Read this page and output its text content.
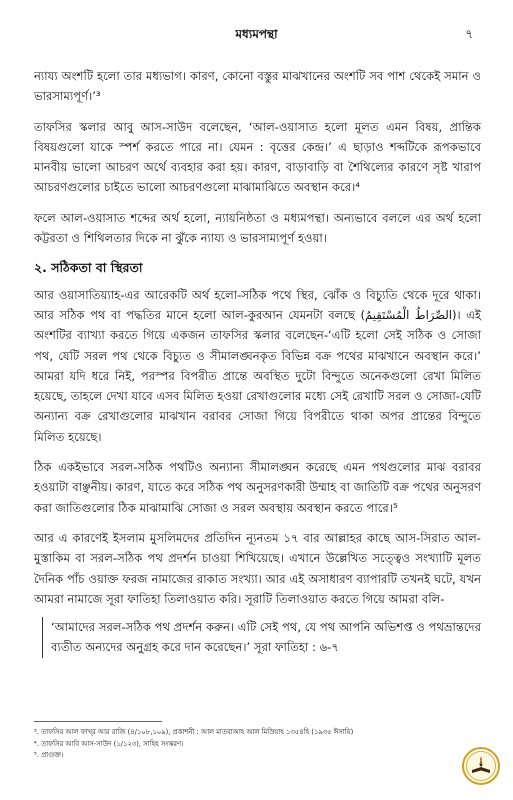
মধ্যমপন্থা	৭

ন্যায্য অংশটি হলো তার মধ্যভাগ। কারণ, কোনো বস্তুর মাঝখানের অংশটি সব পাশ থেকেই সমান ও ভারসাম্যপূর্ণ।’³

তাফসির স্কলার আবু আস-সাউদ বলেছেন, ‘আল-ওয়াসাত হলো মূলত এমন বিষয়, প্রান্তিক বিষয়গুলো যাকে স্পর্শ করতে পারে না। যেমন : বৃত্তের কেন্দ্র।’ এ ছাড়াও শব্দটিকে রূপকভাবে মানবীয় ভালো আচরণ অর্থে ব্যবহার করা হয়। কারণ, বাড়াবাড়ি বা শৈথিল্যের কারণে সৃষ্ট খারাপ আচরণগুলোর চাইতে ভালো আচরণগুলো মাঝামাঝিতে অবস্থান করে।⁴

ফলে আল-ওয়াসাত শব্দের অর্থ হলো, ন্যায়নিষ্ঠতা ও মধ্যমপন্থা। অন্যভাবে বললে এর অর্থ হলো কট্টরতা ও শিথিলতার দিকে না ঝুঁকে ন্যায্য ও ভারসাম্যপূর্ণ হওয়া।

২. সঠিকতা বা স্থিরতা

আর ওয়াসাতিয়্যাহ-এর আরেকটি অর্থ হলো-সঠিক পথে স্থির, ঝোঁক ও বিচ্যুতি থেকে দূরে থাকা। আর সঠিক পথ বা পদ্ধতির মানে হলো আল-কুরআন যেমনটা বলছে (الصِّرَاطُ الْمُسْتَقِيمُ)। এই অংশটির ব্যাখ্যা করতে গিয়ে একজন তাফসির স্কলার বলেছেন-‘এটি হলো সেই সঠিক ও সোজা পথ, যেটি সরল পথ থেকে বিচ্যুত ও সীমালঙ্ঘনকৃত বিভিন্ন বক্র পথের মাঝখানে অবস্থান করে।’ আমরা যদি ধরে নিই, পরস্পর বিপরীত প্রান্তে অবস্থিত দুটো বিন্দুতে অনেকগুলো রেখা মিলিত হয়েছে, তাহলে দেখা যাবে এসব মিলিত হওয়া রেখাগুলোর মধ্যে সেই রেখাটি সরল ও সোজা-যেটি অন্যান্য বক্র রেখাগুলোর মাঝখান বরাবর সোজা গিয়ে বিপরীতে থাকা অপর প্রান্তের বিন্দুতে মিলিত হয়েছে।

ঠিক একইভাবে সরল-সঠিক পথটিও অন্যান্য সীমালঙ্ঘন করেছে এমন পথগুলোর মাঝ বরাবর হওয়াটা বাঞ্ছনীয়। কারণ, যাতে করে সঠিক পথ অনুসরণকারী উম্মাহ বা জাতিটি বক্র পথের অনুসরণ করা জাতিগুলোর ঠিক মাঝামাঝি সোজা ও সরল অবস্থায় অবস্থান করতে পারে।⁵

আর এ কারণেই ইসলাম মুসলিমদের প্রতিদিন ন্যূনতম ১৭ বার আল্লাহর কাছে আস-সিরাত আল-মুস্তাকিম বা সরল-সঠিক পথ প্রদর্শন চাওয়া শিখিয়েছে। এখানে উল্লেখিত সত্ত্বেও সংখ্যাটি মূলত দৈনিক পাঁচ ওয়াক্ত ফরজ নামাজের রাকাত সংখ্যা। আর এই অসাধারণ ব্যাপারটি তখনই ঘটে, যখন আমরা নামাজে সূরা ফাতিহা তিলাওয়াত করি। সূরাটি তিলাওয়াত করতে গিয়ে আমরা বলি-

‘আমাদের সরল-সঠিক পথ প্রদর্শন করুন। এটি সেই পথ, যে পথ আপনি অভিশপ্ত ও পথভ্রান্তদের ব্যতীত অন্যদের অনুগ্রহ করে দান করেছেন।’ সূরা ফাতিহা : ৬-৭

³. তাফসির আল ফাখ্‌র আর রাজি (৪/১০৮,১০৯), প্রকাশনী : আল মাতবাআহ আল মিস্রিয়াহ ১৩৫৪হি (১৯৩৫ ঈসায়ি)

⁴. তাফসির আবি আস-সাউদ (১/১২৩), সাহিহ সংস্করণ।

⁵. প্রাগুক্ত।
